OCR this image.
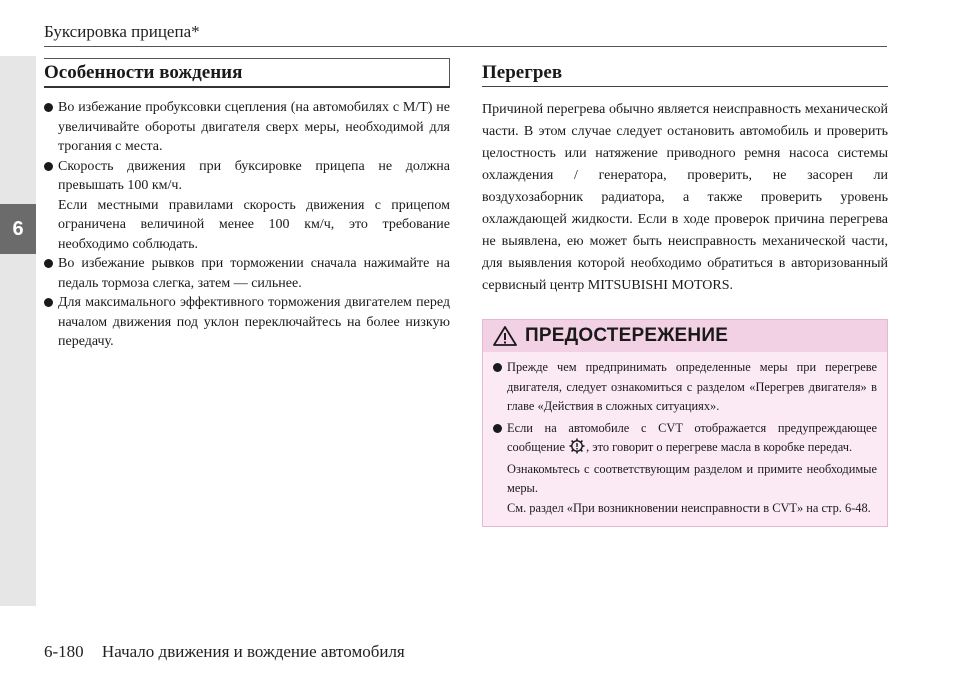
6
Буксировка прицепа*
Особенности вождения
Во избежание пробуксовки сцепления (на автомобилях с М/Т) не увеличивайте обороты двигателя сверх меры, необходимой для трогания с места.
Скорость движения при буксировке прицепа не должна превышать 100 км/ч.
Если местными правилами скорость движения с прицепом ограничена величиной менее 100 км/ч, это требование необходимо соблюдать.
Во избежание рывков при торможении сначала нажимайте на педаль тормоза слегка, затем — сильнее.
Для максимального эффективного торможения двигателем перед началом движения под уклон переключайтесь на более низкую передачу.
Перегрев

Причиной перегрева обычно является неисправность механической части. В этом случае следует остановить автомобиль и проверить целостность или натяжение приводного ремня насоса системы охлаждения / генератора, проверить, не засорен ли воздухозаборник радиатора, а также проверить уровень охлаждающей жидкости. Если в ходе проверок причина перегрева не выявлена, ею может быть неисправность механической части, для выявления которой необходимо обратиться в авторизованный сервисный центр MITSUBISHI MOTORS.

ПРЕДОСТЕРЕЖЕНИЕ
Прежде чем предпринимать определенные меры при перегреве двигателя, следует ознакомиться с разделом «Перегрев двигателя» в главе «Действия в сложных ситуациях».
Если на автомобиле с CVT отображается предупреждающее сообщение , это говорит о перегреве масла в коробке передач.
Ознакомьтесь с соответствующим разделом и примите необходимые меры.
См. раздел «При возникновении неисправности в CVT» на стр. 6-48.
6-180 Начало движения и вождение автомобиля
